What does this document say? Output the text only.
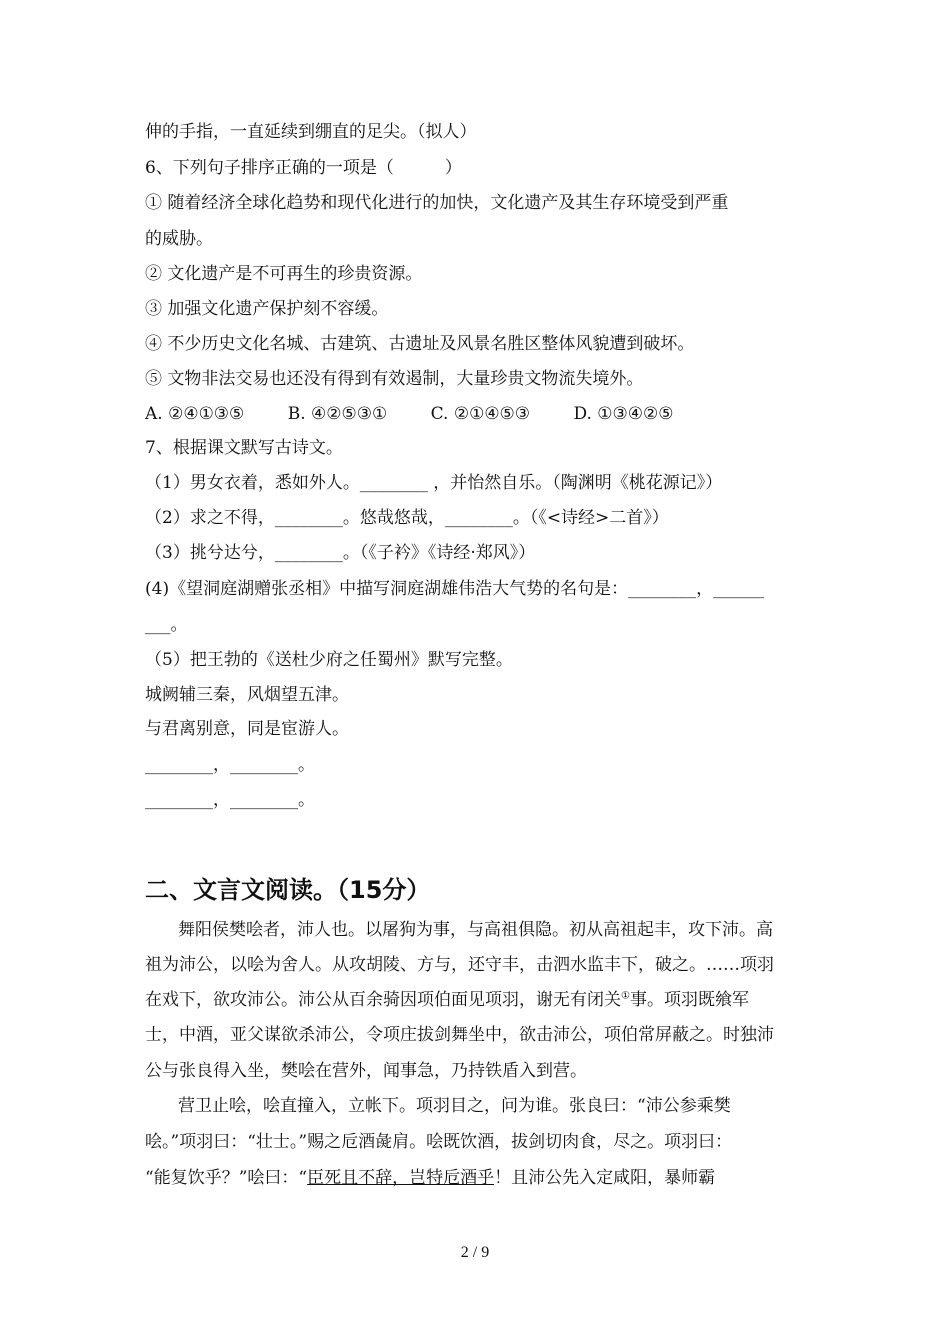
伸的手指，一直延续到绷直的足尖。（拟人）
6、下列句子排序正确的一项是（　　　）
① 随着经济全球化趋势和现代化进行的加快，文化遗产及其生存环境受到严重
的威胁。
② 文化遗产是不可再生的珍贵资源。
③ 加强文化遗产保护刻不容缓。
④ 不少历史文化名城、古建筑、古遗址及风景名胜区整体风貌遭到破坏。
⑤ 文物非法交易也还没有得到有效遏制，大量珍贵文物流失境外。
A. ②④①③⑤	B. ④②⑤③①	C. ②①④⑤③	D. ①③④②⑤
7、根据课文默写古诗文。
（1）男女衣着，悉如外人。________ ，并怡然自乐。（陶渊明《桃花源记》）
（2）求之不得，________。悠哉悠哉，________。（《<诗经>二首》）
（3）挑兮达兮，________。（《子衿》《诗经·郑风》）
(4)《望洞庭湖赠张丞相》中描写洞庭湖雄伟浩大气势的名句是：________，______
___。
（5）把王勃的《送杜少府之任蜀州》默写完整。
城阙辅三秦，风烟望五津。
与君离别意，同是宦游人。
________，________。
________，________。
二、文言文阅读。（15分）
舞阳侯樊哙者，沛人也。以屠狗为事，与高祖俱隐。初从高祖起丰，攻下沛。高
祖为沛公，以哙为舍人。从攻胡陵、方与，还守丰，击泗水监丰下，破之。……项羽
在戏下，欲攻沛公。沛公从百余骑因项伯面见项羽，谢无有闭关①事。项羽既飨军
士，中酒，亚父谋欲杀沛公，令项庄拔剑舞坐中，欲击沛公，项伯常屏蔽之。时独沛
公与张良得入坐，樊哙在营外，闻事急，乃持铁盾入到营。
营卫止哙，哙直撞入，立帐下。项羽目之，问为谁。张良曰：“沛公参乘樊
哙。”项羽曰：“壮士。”赐之卮酒彘肩。哙既饮酒，拔剑切肉食，尽之。项羽曰：
“能复饮乎？”哙曰：“臣死且不辞，岂特卮酒乎！且沛公先入定咸阳，暴师霸
2 / 9
